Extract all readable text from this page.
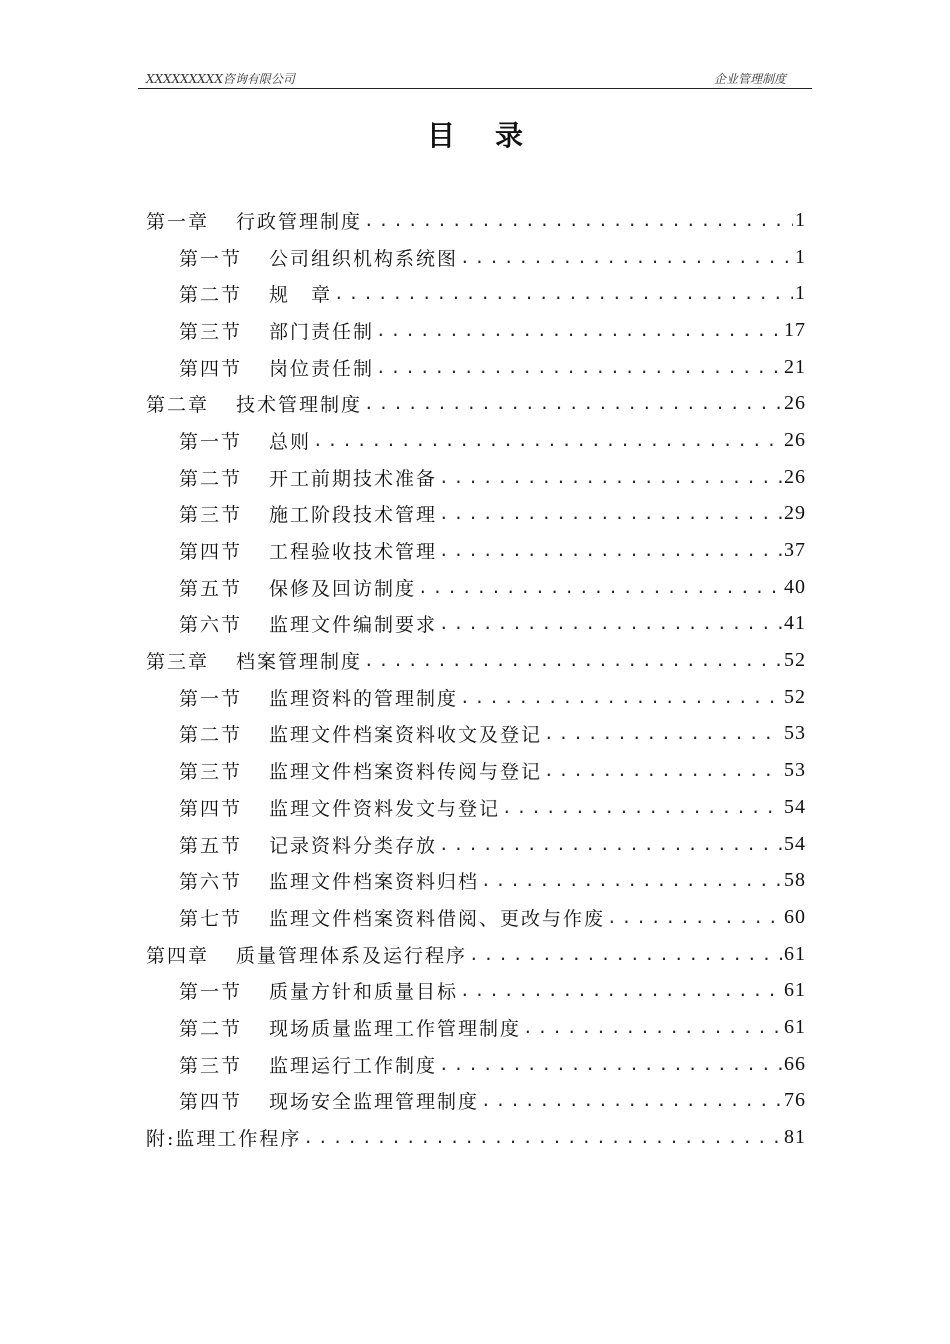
XXXXXXXXX咨询有限公司	企业管理制度
目录
第一章	行政管理制度 .....	1
第一节	公司组织机构系统图 .....	1
第二节	规　章 .....	1
第三节	部门责任制 .....	17
第四节	岗位责任制 .....	21
第二章	技术管理制度 .....	26
第一节	总则 .....	26
第二节	开工前期技术准备 .....	26
第三节	施工阶段技术管理 .....	29
第四节	工程验收技术管理 .....	37
第五节	保修及回访制度 .....	40
第六节	监理文件编制要求 .....	41
第三章	档案管理制度 .....	52
第一节	监理资料的管理制度 .....	52
第二节	监理文件档案资料收文及登记 .....	53
第三节	监理文件档案资料传阅与登记 .....	53
第四节	监理文件资料发文与登记 .....	54
第五节	记录资料分类存放 .....	54
第六节	监理文件档案资料归档 .....	58
第七节	监理文件档案资料借阅、更改与作废 .....	60
第四章	质量管理体系及运行程序 .....	61
第一节	质量方针和质量目标 .....	61
第二节	现场质量监理工作管理制度 .....	61
第三节	监理运行工作制度 .....	66
第四节	现场安全监理管理制度 .....	76
附: 监理工作程序 .....	81
